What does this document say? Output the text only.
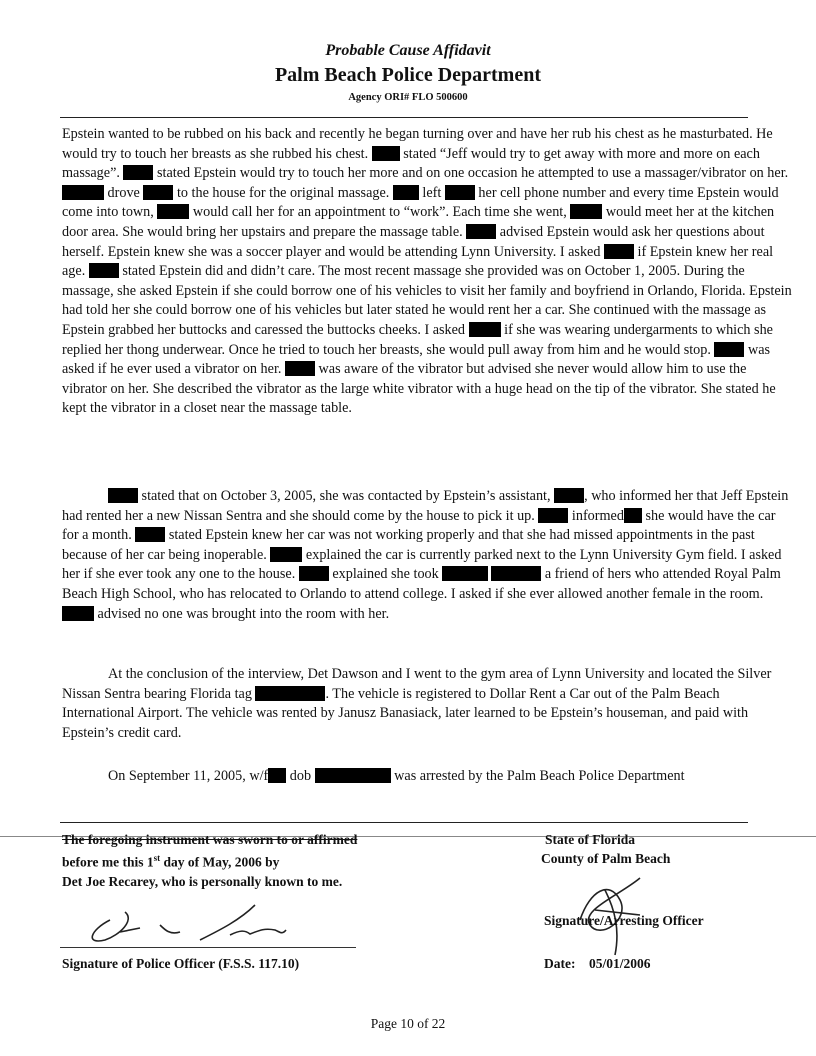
Probable Cause Affidavit
Palm Beach Police Department
Agency ORI# FLO 500600

Epstein wanted to be rubbed on his back and recently he began turning over and have her rub his chest as he masturbated. He would try to touch her breasts as she rubbed his chest. stated “Jeff would try to get away with more and more on each massage”.	stated Epstein would try to touch her more and on one occasion he attempted to use a massager/vibrator on her.  drove	to the house for the original massage. left	her cell phone number and every time Epstein would come into town,	would call her for an appointment to “work”. Each time she went,	would meet her at the kitchen door area. She would bring her upstairs and prepare the massage table.	advised Epstein would ask her questions about herself. Epstein knew she was a soccer player and would be attending Lynn University. I asked	if Epstein knew her real age.	stated Epstein did and didn’t care. The most recent massage she provided was on October 1, 2005. During the massage, she asked Epstein if she could borrow one of his vehicles to visit her family and boyfriend in Orlando, Florida. Epstein had told her she could borrow one of his vehicles but later stated he would rent her a car. She continued with the massage as Epstein grabbed her buttocks and caressed the buttocks cheeks. I asked	if she was wearing undergarments to which she replied her thong underwear. Once he tried to touch her breasts, she would pull away from him and he would stop.	was asked if he ever used a vibrator on her.	was aware of the vibrator but advised she never would allow him to use the vibrator on her. She described the vibrator as the large white vibrator with a huge head on the tip of the vibrator. She stated he kept the vibrator in a closet near the massage table.

stated that on October 3, 2005, she was contacted by Epstein’s assistant, , who informed her that Jeff Epstein had rented her a new Nissan Sentra and she should come by the house to pick it up.	informed she would have the car for a month.	stated Epstein knew her car was not working properly and that she had missed appointments in the past because of her car being inoperable.	explained the car is currently parked next to the Lynn University Gym field. I asked her if she ever took any one to the house.	explained she took	a friend of hers who attended Royal Palm Beach High School, who has relocated to Orlando to attend college. I asked if she ever allowed another female in the room.  advised no one was brought into the room with her.

At the conclusion of the interview, Det Dawson and I went to the gym area of Lynn University and located the Silver Nissan Sentra bearing Florida tag	. The vehicle is registered to Dollar Rent a Car out of the Palm Beach International Airport. The vehicle was rented by Janusz Banasiack, later learned to be Epstein’s houseman, and paid with Epstein’s credit card.

On September 11, 2005, w/f dob	was arrested by the Palm Beach Police Department

The foregoing instrument was sworn to or affirmed
before me this 1st day of May, 2006 by
Det Joe Recarey, who is personally known to me.
State of Florida
County of Palm Beach
Signature/Arresting Officer
Signature of Police Officer (F.S.S. 117.10)	Date: 05/01/2006
Page 10 of 22
